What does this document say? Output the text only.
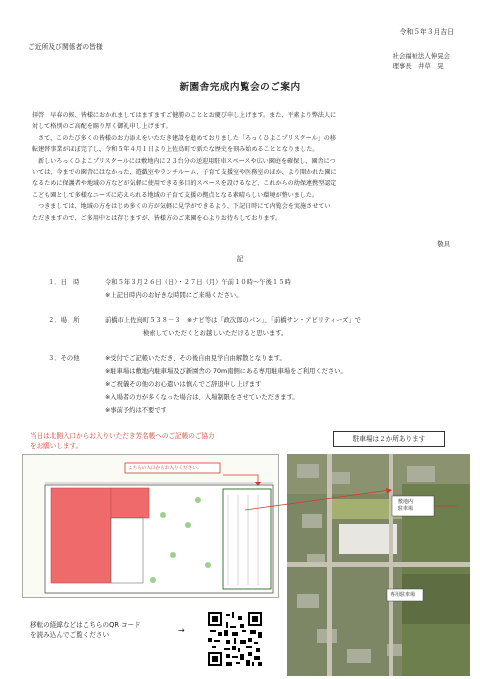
令和５年３月吉日
ご近所及び関係者の皆様
社会福祉法人伸晃会
理事長　井草　晃
新園舎完成内覧会のご案内

拝啓　早春の候、皆様におかれましてはますますご健勝のこととお慶び申し上げます。また、平素より弊法人に

対して格別のご高配を賜り厚く御礼申し上げます。

さて、このたび多くの皆様のお力添えをいただき建設を進めておりました「ろっくひよこプリスクール」の移

転建替事業がほぼ完了し、令和５年４月１日より上佐鳥町で新たな歴史を刻み始めることとなりました。

新しいろっくひよこプリスクールには敷地内に２３台分の送迎用駐車スペースや広い園庭を確保し、園舎につ

いては、今までの園舎にはなかった、遊戯室やランチルーム、子育て支援室や医務室のほか、より開かれた園に

なるために保護者や地域の方などが気軽に使用できる多目的スペースを設けるなど、これからの幼保連携型認定

こども園として多様なニーズに応えられる地域の子育て支援の拠点となる素晴らしい環境が整いました。

つきましては、地域の方をはじめ多くの方が気軽に見学ができるよう、下記日時にて内覧会を実施させてい

ただきますので、ご多用中とは存じますが、皆様方のご来園を心よりお待ちしております。

敬具
記
１．日　時	令和５年３月２６日（日）・２７日（月）午前１０時～午後１５時
※上記日時内のお好きな時間にご来場ください。
２．場　所	前橋市上佐鳥町５３８－３　※ナビ等は「政次郎のパン」、「前橋サン・アビリティーズ」で
検索していただくとお越しいただけると思います。
３．その他	※受付でご記帳いただき、その後自由見学自由解散となります。
※駐車場は敷地内駐車場及び新園舎の 70m南側にある専用駐車場をご利用ください。
※ご祝儀その他のお心遣いは慎んでご辞退申し上げます
※入場者の方が多くなった場合は、入場制限をさせていただきます。
※事前予約は不要です
当日は北側入口からお入りいただき芳名帳へのご記帳のご協力
をお願いします。
駐車場は２か所あります
こちらの入口からお入りください。
敷地内
駐車場
専用駐車場
移転の経緯などはこちらのQR コード
を読み込んでご覧ください	→
